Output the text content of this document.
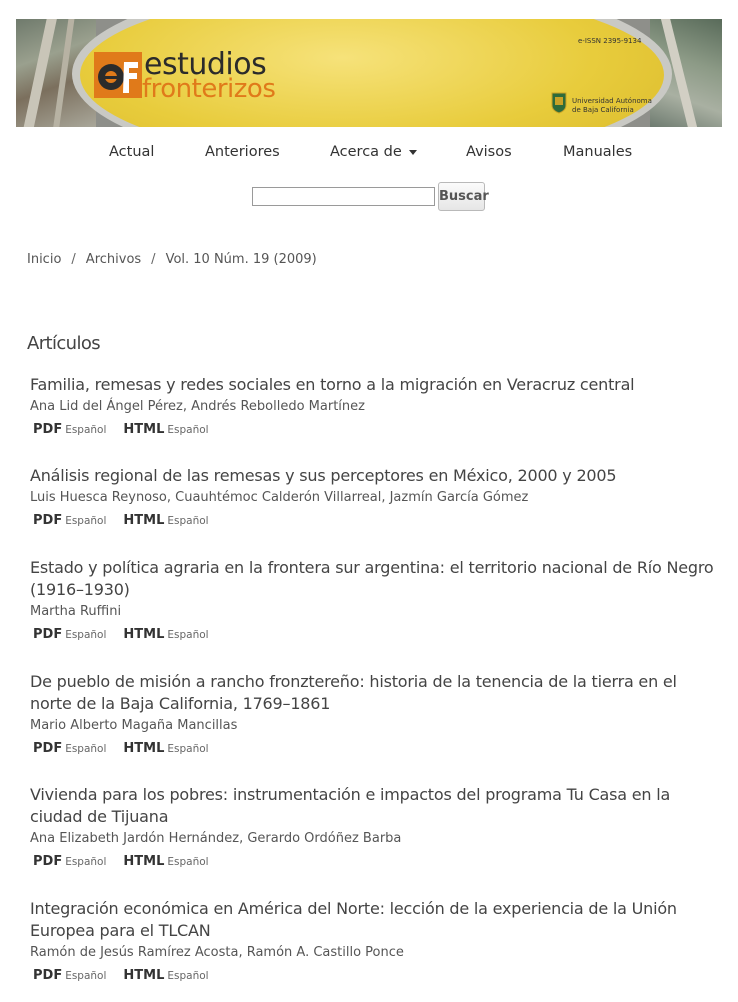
estudios
fronterizos
e-ISSN 2395-9134
Universidad Autónoma de Baja California
Actual	Anteriores	Acerca de	Avisos	Manuales
Buscar
Inicio / Archivos / Vol. 10 Núm. 19 (2009)
Artículos

Familia, remesas y redes sociales en torno a la migración en Veracruz central

Ana Lid del Ángel Pérez, Andrés Rebolledo Martínez

PDF Español HTML Español

Análisis regional de las remesas y sus perceptores en México, 2000 y 2005

Luis Huesca Reynoso, Cuauhtémoc Calderón Villarreal, Jazmín García Gómez

PDF Español HTML Español

Estado y política agraria en la frontera sur argentina: el territorio nacional de Río Negro (1916–1930)

Martha Ruffini

PDF Español HTML Español

De pueblo de misión a rancho fronztereño: historia de la tenencia de la tierra en el norte de la Baja California, 1769–1861

Mario Alberto Magaña Mancillas

PDF Español HTML Español

Vivienda para los pobres: instrumentación e impactos del programa Tu Casa en la ciudad de Tijuana

Ana Elizabeth Jardón Hernández, Gerardo Ordóñez Barba

PDF Español HTML Español

Integración económica en América del Norte: lección de la experiencia de la Unión Europea para el TLCAN

Ramón de Jesús Ramírez Acosta, Ramón A. Castillo Ponce

PDF Español HTML Español
